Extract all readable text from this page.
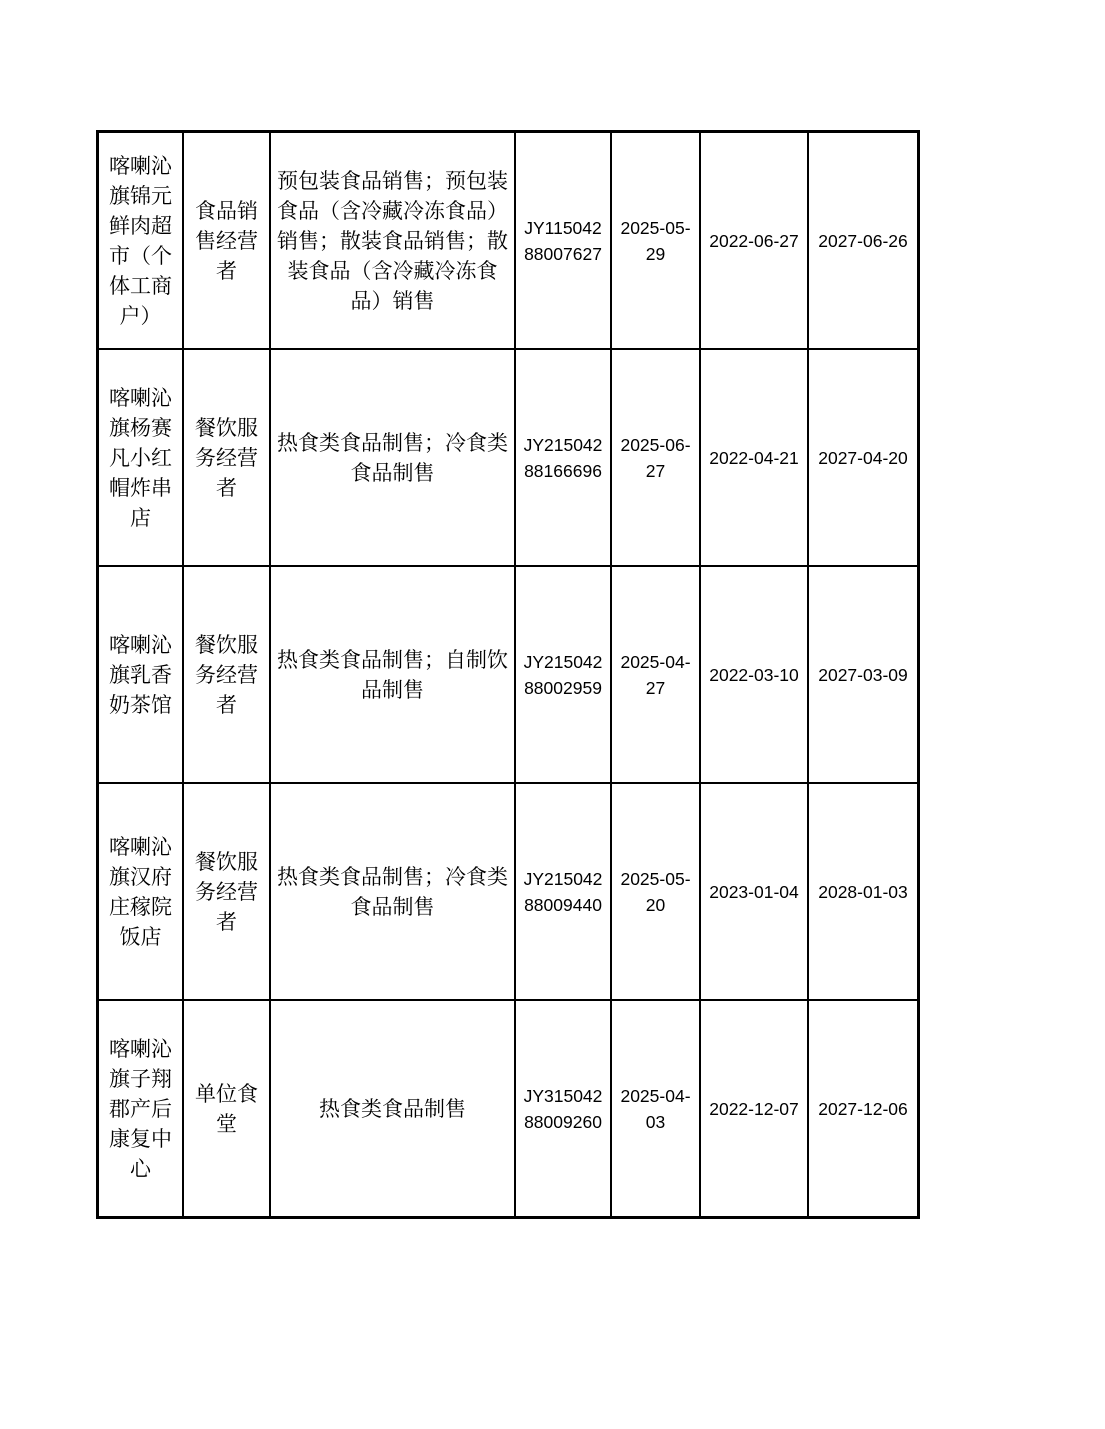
喀喇沁旗锦元鲜肉超市（个体工商户）	食品销售经营者	预包装食品销售；预包装食品（含冷藏冷冻食品）销售；散装食品销售；散装食品（含冷藏冷冻食品）销售	JY11504288007627	2025-05-29	2022-06-27	2027-06-26
喀喇沁旗杨赛凡小红帽炸串店	餐饮服务经营者	热食类食品制售；冷食类食品制售	JY21504288166696	2025-06-27	2022-04-21	2027-04-20
喀喇沁旗乳香奶茶馆	餐饮服务经营者	热食类食品制售；自制饮品制售	JY21504288002959	2025-04-27	2022-03-10	2027-03-09
喀喇沁旗汉府庄稼院饭店	餐饮服务经营者	热食类食品制售；冷食类食品制售	JY21504288009440	2025-05-20	2023-01-04	2028-01-03
喀喇沁旗子翔郡产后康复中心	单位食堂	热食类食品制售	JY31504288009260	2025-04-03	2022-12-07	2027-12-06
